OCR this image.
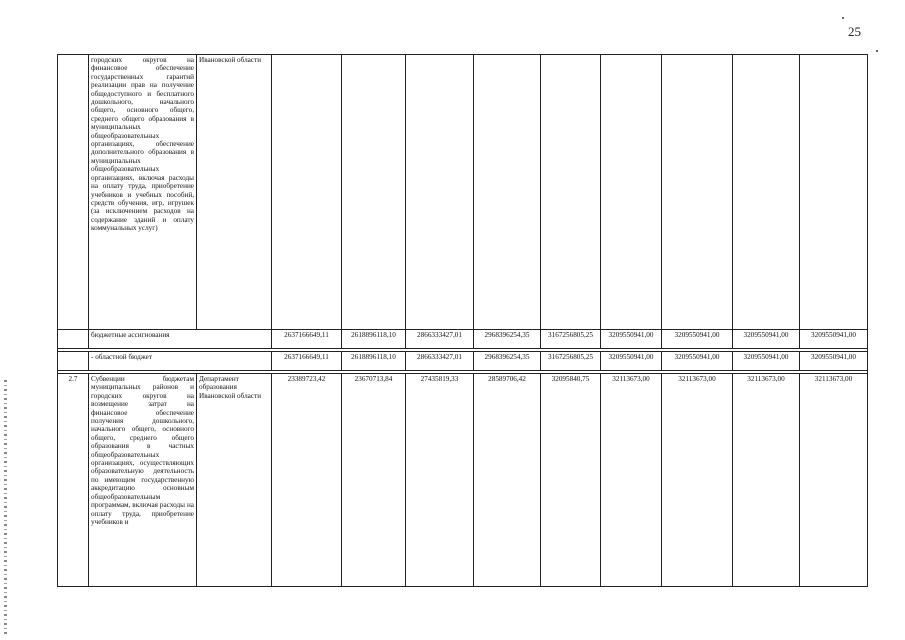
25
	городских округов на финансовое обеспечение государственных гарантий реализации прав на получение общедоступного и бесплатного дошкольного, начального общего, основного общего, среднего общего образования в муниципальных общеобразовательных организациях, обеспечение дополнительного образования в муниципальных общеобразовательных организациях, включая расходы на оплату труда, приобретение учебников и учебных пособий, средств обучения, игр, игрушек (за исключением расходов на содержание зданий и оплату коммунальных услуг)	Ивановской области									
	бюджетные ассигнования		2637166649,11	2618896118,10	2866333427,01	2968396254,35	3167256805,25	3209550941,00	3209550941,00	3209550941,00	3209550941,00

	- областной бюджет		2637166649,11	2618896118,10	2866333427,01	2968396254,35	3167256805,25	3209550941,00	3209550941,00	3209550941,00	3209550941,00

2.7	Субвенции бюджетам муниципальных районов и городских округов на возмещение затрат на финансовое обеспечение получения дошкольного, начального общего, основного общего, среднего общего образования в частных общеобразовательных организациях, осуществляющих образовательную деятельность по имеющим государственную аккредитацию основным общеобразовательным программам, включая расходы на оплату труда, приобретение учебников и	Департамент образования Ивановской области	23389723,42	23670713,84	27435819,33	28589706,42	32095840,75	32113673,00	32113673,00	32113673,00	32113673,00
